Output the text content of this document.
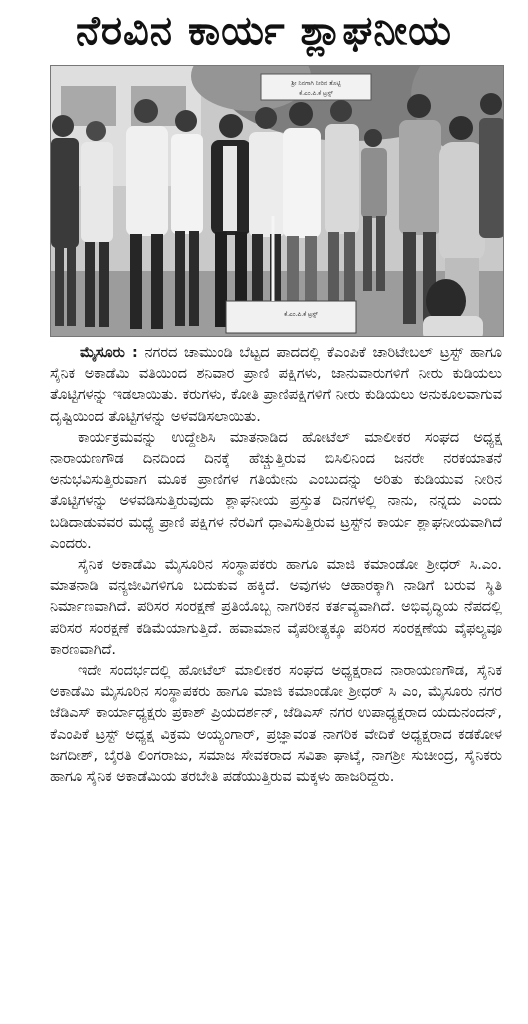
ನೆರವಿನ ಕಾರ್ಯ ಶ್ಲಾಘನೀಯ
ಶ್ರೀ ನಿನಗಾಗಿ ನೀರಿನ ತೊಟ್ಟಿ
ಕೆ.ಎಂ.ಪಿ.ಕೆ ಟ್ರಸ್ಟ್
ಕೆ.ಎಂ.ಪಿ.ಕೆ ಟ್ರಸ್ಟ್

ಮೈಸೂರು : ನಗರದ ಚಾಮುಂಡಿ ಬೆಟ್ಟದ ಪಾದದಲ್ಲಿ ಕೆಎಂಪಿಕೆ ಚಾರಿಟೇಬಲ್ ಟ್ರಸ್ಟ್ ಹಾಗೂ ಸೈನಿಕ ಅಕಾಡೆಮಿ ವತಿಯಿಂದ ಶನಿವಾರ ಪ್ರಾಣಿ ಪಕ್ಷಿಗಳು, ಜಾನುವಾರುಗಳಿಗೆ ನೀರು ಕುಡಿಯಲು ತೊಟ್ಟಿಗಳನ್ನು ಇಡಲಾಯಿತು. ಕರುಗಳು, ಕೋತಿ ಪ್ರಾಣಿಪಕ್ಷಿಗಳಿಗೆ ನೀರು ಕುಡಿಯಲು ಅನುಕೂಲವಾಗುವ ದೃಷ್ಟಿಯಿಂದ ತೊಟ್ಟಿಗಳನ್ನು ಅಳವಡಿಸಲಾಯಿತು.

ಕಾರ್ಯಕ್ರಮವನ್ನು ಉದ್ದೇಶಿಸಿ ಮಾತನಾಡಿದ ಹೋಟೆಲ್ ಮಾಲೀಕರ ಸಂಘದ ಅಧ್ಯಕ್ಷ ನಾರಾಯಣಗೌಡ ದಿನದಿಂದ ದಿನಕ್ಕೆ ಹೆಚ್ಚುತ್ತಿರುವ ಬಿಸಿಲಿನಿಂದ ಜನರೇ ನರಕಯಾತನೆ ಅನುಭವಿಸುತ್ತಿರುವಾಗ ಮೂಕ ಪ್ರಾಣಿಗಳ ಗತಿಯೇನು ಎಂಬುದನ್ನು ಅರಿತು ಕುಡಿಯುವ ನೀರಿನ ತೊಟ್ಟಿಗಳನ್ನು ಅಳವಡಿಸುತ್ತಿರುವುದು ಶ್ಲಾಘನೀಯ ಪ್ರಸ್ತುತ ದಿನಗಳಲ್ಲಿ ನಾನು, ನನ್ನದು ಎಂದು ಬಡಿದಾಡುವವರ ಮಧ್ಯೆ ಪ್ರಾಣಿ ಪಕ್ಷಿಗಳ ನೆರವಿಗೆ ಧಾವಿಸುತ್ತಿರುವ ಟ್ರಸ್ಟ್‌ನ ಕಾರ್ಯ ಶ್ಲಾಘನೀಯವಾಗಿದೆ ಎಂದರು.

ಸೈನಿಕ ಅಕಾಡೆಮಿ ಮೈಸೂರಿನ ಸಂಸ್ಥಾಪಕರು ಹಾಗೂ ಮಾಜಿ ಕಮಾಂಡೋ ಶ್ರೀಧರ್ ಸಿ.ಎಂ. ಮಾತನಾಡಿ ವನ್ಯಜೀವಿಗಳಿಗೂ ಬದುಕುವ ಹಕ್ಕಿದೆ. ಅವುಗಳು ಆಹಾರಕ್ಕಾಗಿ ನಾಡಿಗೆ ಬರುವ ಸ್ಥಿತಿ ನಿರ್ಮಾಣವಾಗಿದೆ. ಪರಿಸರ ಸಂರಕ್ಷಣೆ ಪ್ರತಿಯೊಬ್ಬ ನಾಗರಿಕನ ಕರ್ತವ್ಯವಾಗಿದೆ. ಅಭಿವೃದ್ಧಿಯ ನೆಪದಲ್ಲಿ ಪರಿಸರ ಸಂರಕ್ಷಣೆ ಕಡಿಮೆಯಾಗುತ್ತಿದೆ. ಹವಾಮಾನ ವೈಪರೀತ್ಯಕ್ಕೂ ಪರಿಸರ ಸಂರಕ್ಷಣೆಯ ವೈಫಲ್ಯವೂ ಕಾರಣವಾಗಿದೆ.

ಇದೇ ಸಂದರ್ಭದಲ್ಲಿ ಹೋಟೆಲ್ ಮಾಲೀಕರ ಸಂಘದ ಅಧ್ಯಕ್ಷರಾದ ನಾರಾಯಣಗೌಡ, ಸೈನಿಕ ಅಕಾಡೆಮಿ ಮೈಸೂರಿನ ಸಂಸ್ಥಾಪಕರು ಹಾಗೂ ಮಾಜಿ ಕಮಾಂಡೋ ಶ್ರೀಧರ್ ಸಿ ಎಂ, ಮೈಸೂರು ನಗರ ಜೆಡಿಎಸ್ ಕಾರ್ಯಾಧ್ಯಕ್ಷರು ಪ್ರಕಾಶ್ ಪ್ರಿಯದರ್ಶನ್, ಜೆಡಿಎಸ್ ನಗರ ಉಪಾಧ್ಯಕ್ಷರಾದ ಯದುನಂದನ್, ಕೆಎಂಪಿಕೆ ಟ್ರಸ್ಟ್ ಅಧ್ಯಕ್ಷ ವಿಕ್ರಮ ಅಯ್ಯಂಗಾರ್, ಪ್ರಜ್ಞಾವಂತ ನಾಗರಿಕ ವೇದಿಕೆ ಅಧ್ಯಕ್ಷರಾದ ಕಡಕೋಳ ಜಗದೀಶ್, ಬೈರತಿ ಲಿಂಗರಾಜು, ಸಮಾಜ ಸೇವಕರಾದ ಸವಿತಾ ಘಾಟ್ಕೆ, ನಾಗಶ್ರೀ ಸುಚೀಂದ್ರ, ಸೈನಿಕರು ಹಾಗೂ ಸೈನಿಕ ಅಕಾಡೆಮಿಯ ತರಬೇತಿ ಪಡೆಯುತ್ತಿರುವ ಮಕ್ಕಳು ಹಾಜರಿದ್ದರು.
